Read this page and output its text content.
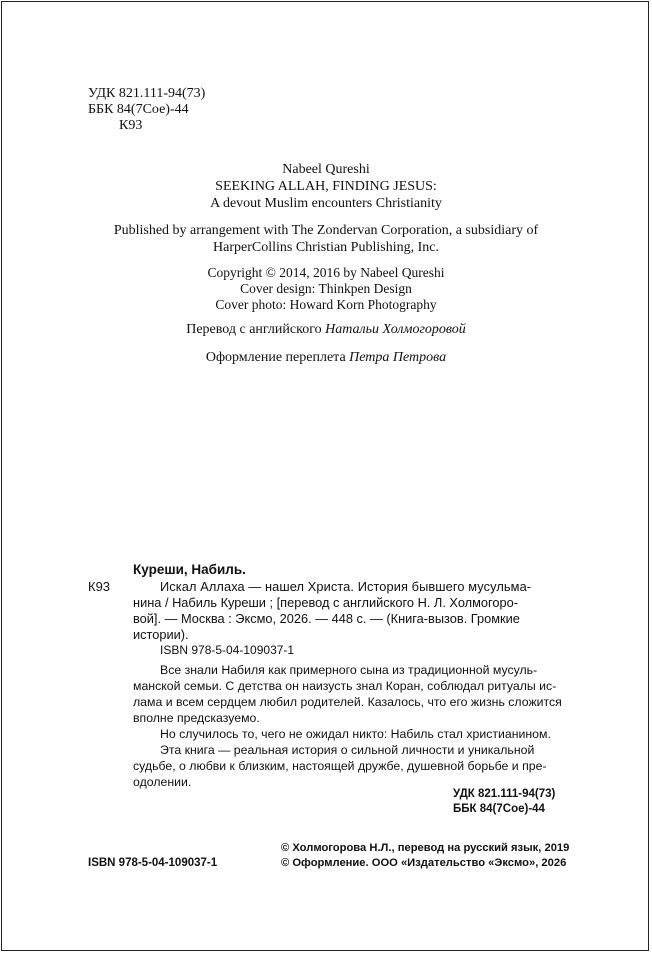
УДК 821.111-94(73)
ББК 84(7Сое)-44
К93
Nabeel Qureshi
SEEKING ALLAH, FINDING JESUS:
A devout Muslim encounters Christianity
Published by arrangement with The Zondervan Corporation, a subsidiary of
HarperCollins Christian Publishing, Inc.
Copyright © 2014, 2016 by Nabeel Qureshi
Cover design: Thinkpen Design
Cover photo: Howard Korn Photography
Перевод с английского Натальи Холмогоровой
Оформление переплета Петра Петрова
Куреши, Набиль.
К93	Искал Аллаха — нашел Христа. История бывшего мусульма-
нина / Набиль Куреши ; [перевод с английского Н. Л. Холмогоро-
вой]. — Москва : Эксмо, 2026. — 448 с. — (Книга-вызов. Громкие
истории).
ISBN 978-5-04-109037-1
Все знали Набиля как примерного сына из традиционной мусуль-
манской семьи. С детства он наизусть знал Коран, соблюдал ритуалы ис-
лама и всем сердцем любил родителей. Казалось, что его жизнь сложится
вполне предсказуемо.
Но случилось то, чего не ожидал никто: Набиль стал христианином.
Эта книга — реальная история о сильной личности и уникальной
судьбе, о любви к близким, настоящей дружбе, душевной борьбе и пре-
одолении.
УДК 821.111-94(73)
ББК 84(7Сое)-44
ISBN 978-5-04-109037-1
© Холмогорова Н.Л., перевод на русский язык, 2019
© Оформление. ООО «Издательство «Эксмо», 2026
